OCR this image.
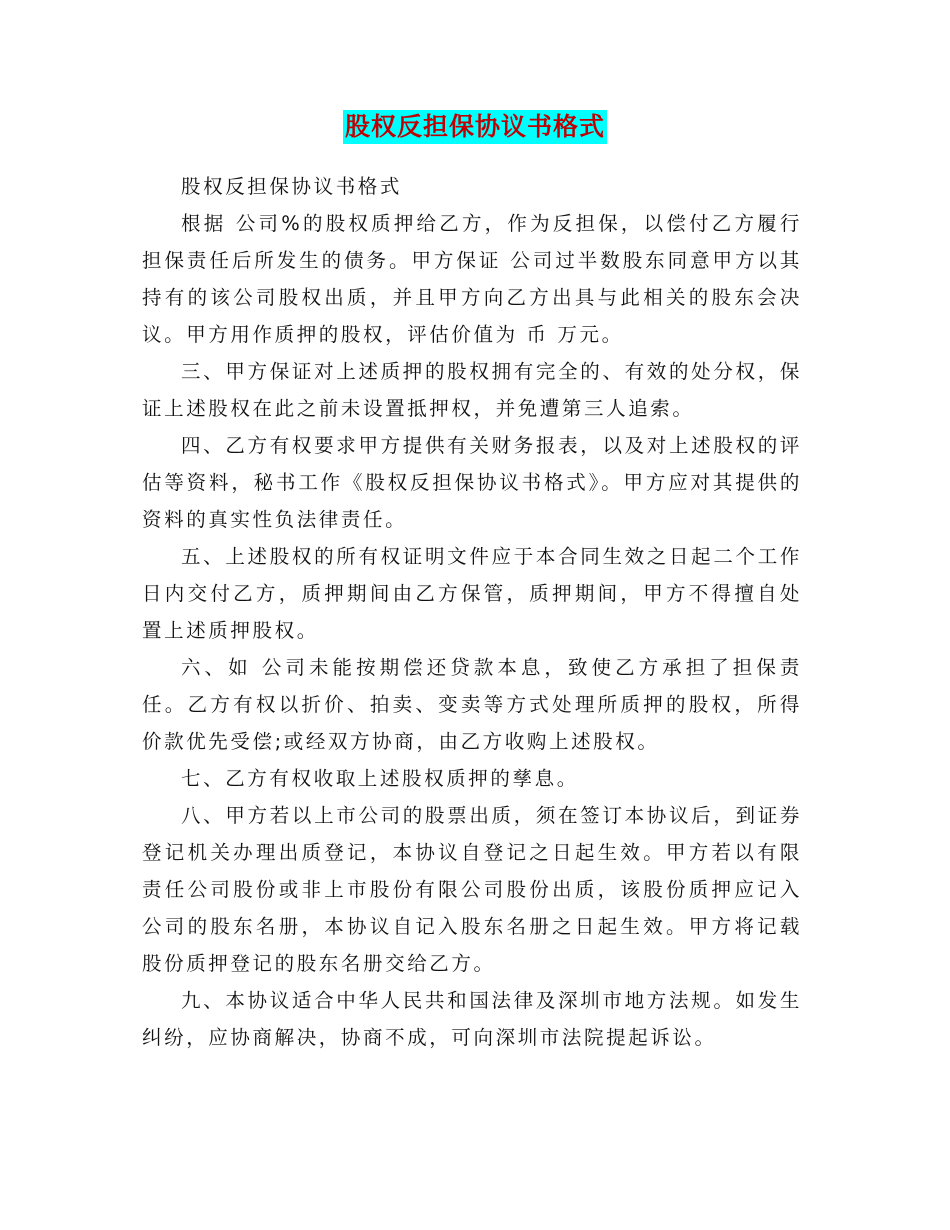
股权反担保协议书格式

股权反担保协议书格式

根据 公司%的股权质押给乙方，作为反担保，以偿付乙方履行担保责任后所发生的债务。甲方保证 公司过半数股东同意甲方以其持有的该公司股权出质，并且甲方向乙方出具与此相关的股东会决议。甲方用作质押的股权，评估价值为 币 万元。

三、甲方保证对上述质押的股权拥有完全的、有效的处分权，保证上述股权在此之前未设置抵押权，并免遭第三人追索。

四、乙方有权要求甲方提供有关财务报表，以及对上述股权的评估等资料，秘书工作《股权反担保协议书格式》。甲方应对其提供的资料的真实性负法律责任。

五、上述股权的所有权证明文件应于本合同生效之日起二个工作日内交付乙方，质押期间由乙方保管，质押期间，甲方不得擅自处置上述质押股权。

六、如 公司未能按期偿还贷款本息，致使乙方承担了担保责任。乙方有权以折价、拍卖、变卖等方式处理所质押的股权，所得价款优先受偿;或经双方协商，由乙方收购上述股权。

七、乙方有权收取上述股权质押的孳息。

八、甲方若以上市公司的股票出质，须在签订本协议后，到证券登记机关办理出质登记，本协议自登记之日起生效。甲方若以有限责任公司股份或非上市股份有限公司股份出质，该股份质押应记入公司的股东名册，本协议自记入股东名册之日起生效。甲方将记载股份质押登记的股东名册交给乙方。

九、本协议适合中华人民共和国法律及深圳市地方法规。如发生纠纷，应协商解决，协商不成，可向深圳市法院提起诉讼。
